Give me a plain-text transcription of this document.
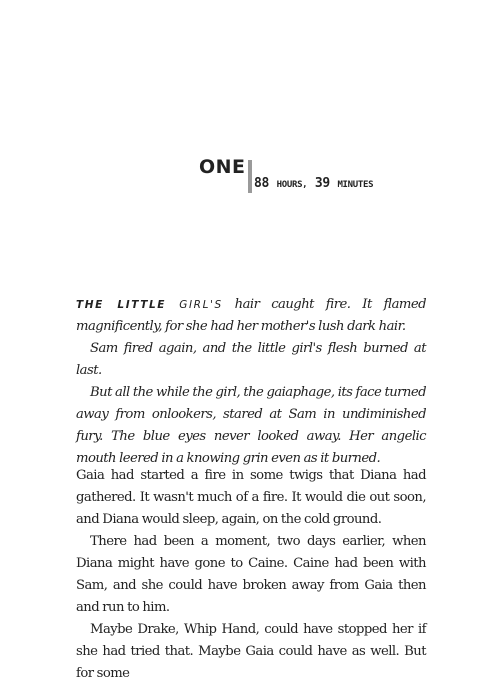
ONE
88 HOURS, 39 MINUTES

THE LITTLE GIRL'S hair caught fire. It flamed magnificently, for she had her mother's lush dark hair.

Sam fired again, and the little girl's flesh burned at last.

But all the while the girl, the gaiaphage, its face turned away from onlookers, stared at Sam in undiminished fury. The blue eyes never looked away. Her angelic mouth leered in a knowing grin even as it burned.

Gaia had started a fire in some twigs that Diana had gathered. It wasn't much of a fire. It would die out soon, and Diana would sleep, again, on the cold ground.

There had been a moment, two days earlier, when Diana might have gone to Caine. Caine had been with Sam, and she could have broken away from Gaia then and run to him.

Maybe Drake, Whip Hand, could have stopped her if she had tried that. Maybe Gaia could have as well. But for some
